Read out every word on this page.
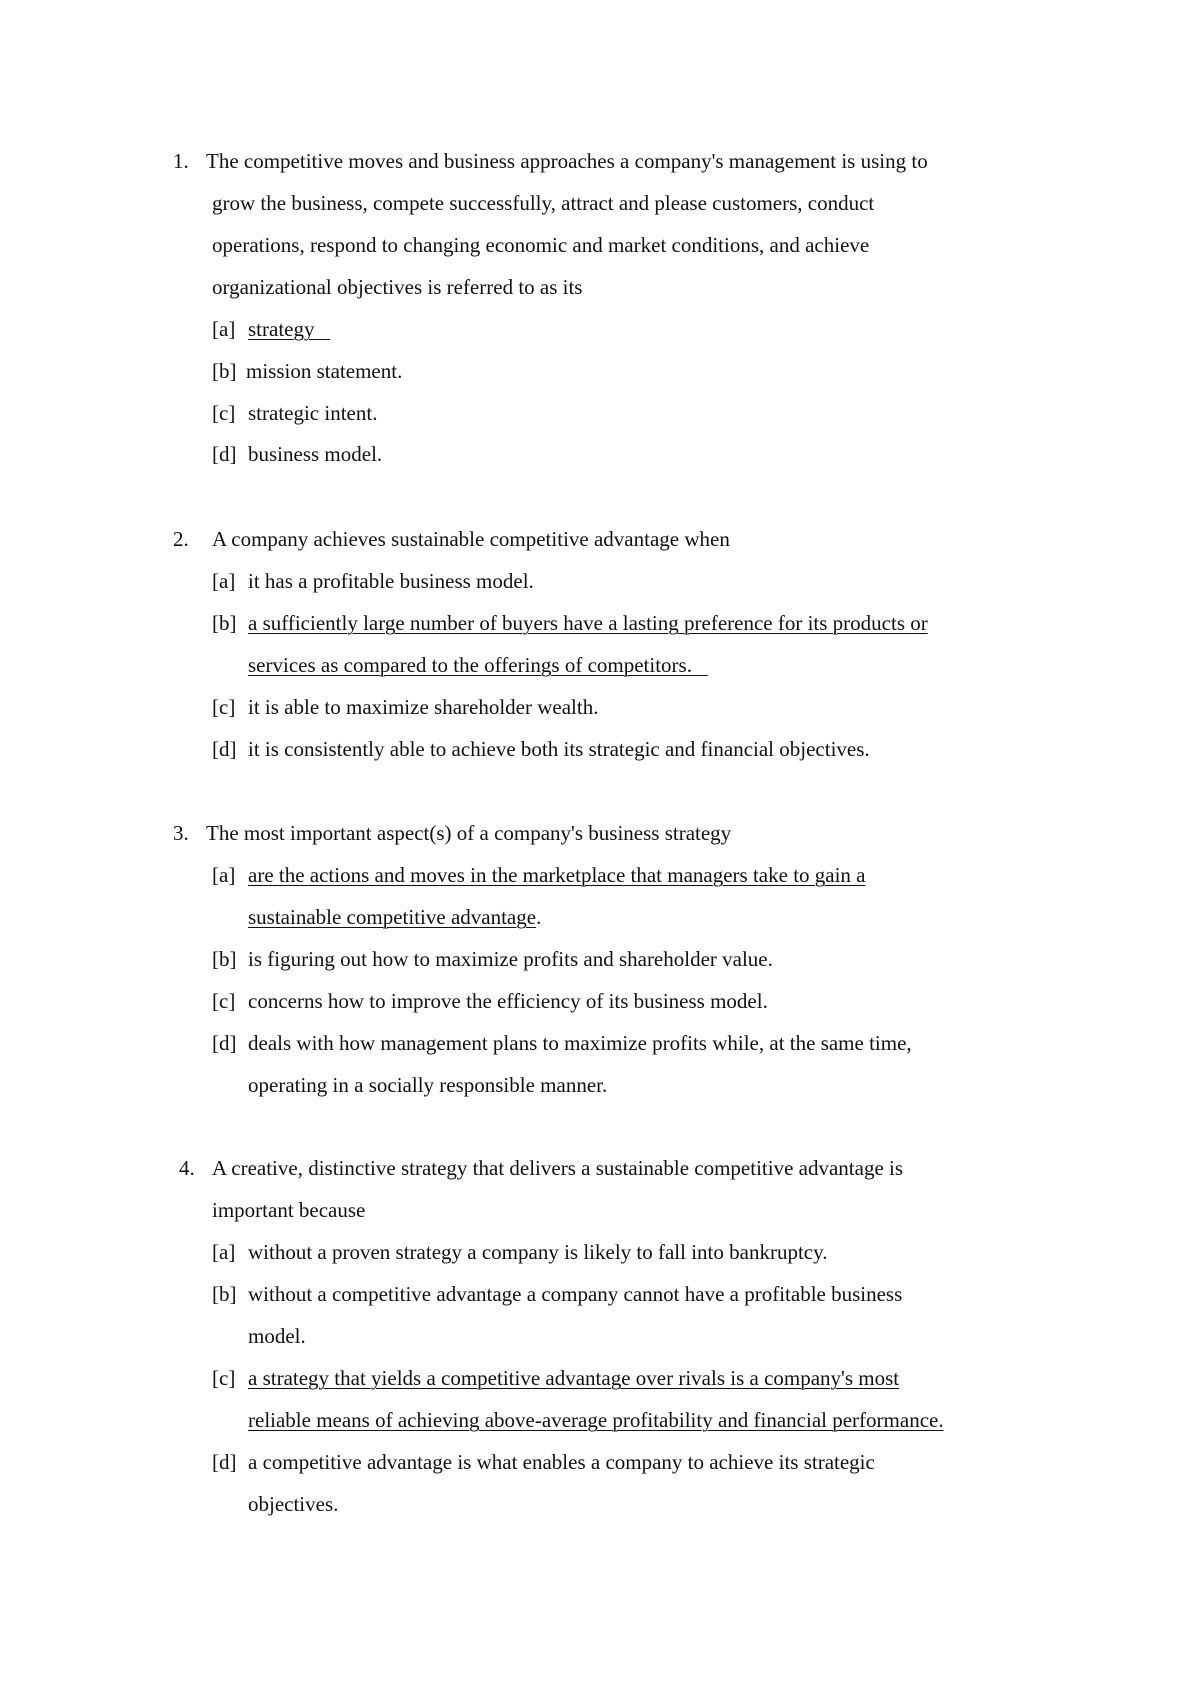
1. The competitive moves and business approaches a company's management is using to
grow the business, compete successfully, attract and please customers, conduct
operations, respond to changing economic and market conditions, and achieve
organizational objectives is referred to as its
[a] strategy
[b] mission statement.
[c] strategic intent.
[d] business model.
2. A company achieves sustainable competitive advantage when
[a] it has a profitable business model.
[b] a sufficiently large number of buyers have a lasting preference for its products or
services as compared to the offerings of competitors.
[c] it is able to maximize shareholder wealth.
[d] it is consistently able to achieve both its strategic and financial objectives.
3. The most important aspect(s) of a company's business strategy
[a] are the actions and moves in the marketplace that managers take to gain a
sustainable competitive advantage.
[b] is figuring out how to maximize profits and shareholder value.
[c] concerns how to improve the efficiency of its business model.
[d] deals with how management plans to maximize profits while, at the same time,
operating in a socially responsible manner.
4. A creative, distinctive strategy that delivers a sustainable competitive advantage is
important because
[a] without a proven strategy a company is likely to fall into bankruptcy.
[b] without a competitive advantage a company cannot have a profitable business
model.
[c] a strategy that yields a competitive advantage over rivals is a company's most
reliable means of achieving above-average profitability and financial performance.
[d] a competitive advantage is what enables a company to achieve its strategic
objectives.
